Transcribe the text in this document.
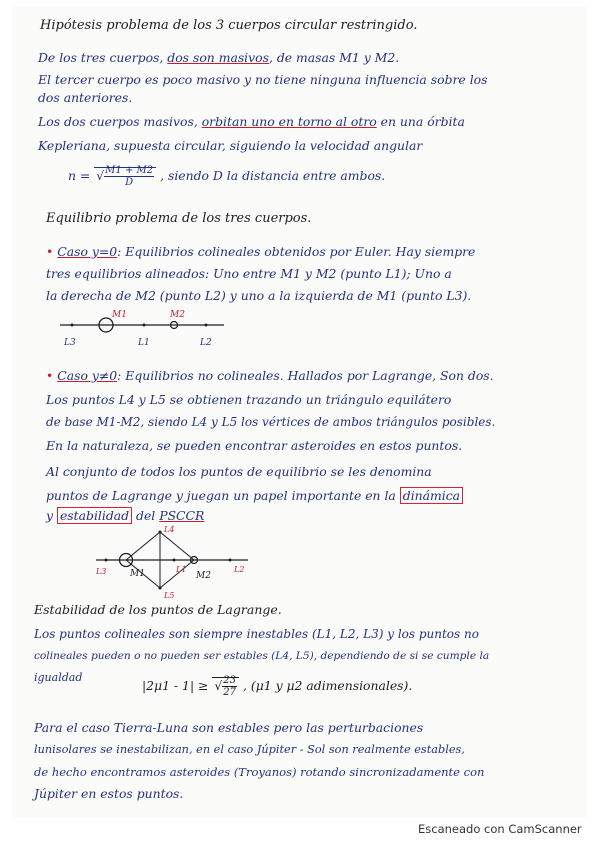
Hipótesis problema de los 3 cuerpos circular restringido.
De los tres cuerpos, dos son masivos, de masas M1 y M2.
El tercer cuerpo es poco masivo y no tiene ninguna influencia sobre los
dos anteriores.
Los dos cuerpos masivos, orbitan uno en torno al otro en una órbita
Kepleriana, supuesta circular, siguiendo la velocidad angular
n = √ $\frac{M1 + M2}{D}$ , siendo D la distancia entre ambos.
Equilibrio problema de los tres cuerpos.
• Caso y=0: Equilibrios colineales obtenidos por Euler. Hay siempre
tres equilibrios alineados: Uno entre M1 y M2 (punto L1); Uno a
la derecha de M2 (punto L2) y uno a la izquierda de M1 (punto L3).
M1	M2
L3	L1	L2
• Caso y≠0: Equilibrios no colineales. Hallados por Lagrange, Son dos.
Los puntos L4 y L5 se obtienen trazando un triángulo equilátero
de base M1-M2, siendo L4 y L5 los vértices de ambos triángulos posibles.
En la naturaleza, se pueden encontrar asteroides en estos puntos.
Al conjunto de todos los puntos de equilibrio se les denomina
puntos de Lagrange y juegan un papel importante en la dinámica
y estabilidad del PSCCR
L4
L5
L3	M1	L1
M2
L2
Estabilidad de los puntos de Lagrange.
Los puntos colineales son siempre inestables (L1, L2, L3) y los puntos no
colineales pueden o no pueden ser estables (L4, L5), dependiendo de si se cumple la
igualdad
|2μ1 - 1| ≥ √ $\frac{23}{27}$ , (μ1 y μ2 adimensionales).
Para el caso Tierra-Luna son estables pero las perturbaciones
lunisolares se inestabilizan, en el caso Júpiter - Sol son realmente estables,
de hecho encontramos asteroides (Troyanos) rotando sincronizadamente con
Júpiter en estos puntos.
Escaneado con CamScanner
